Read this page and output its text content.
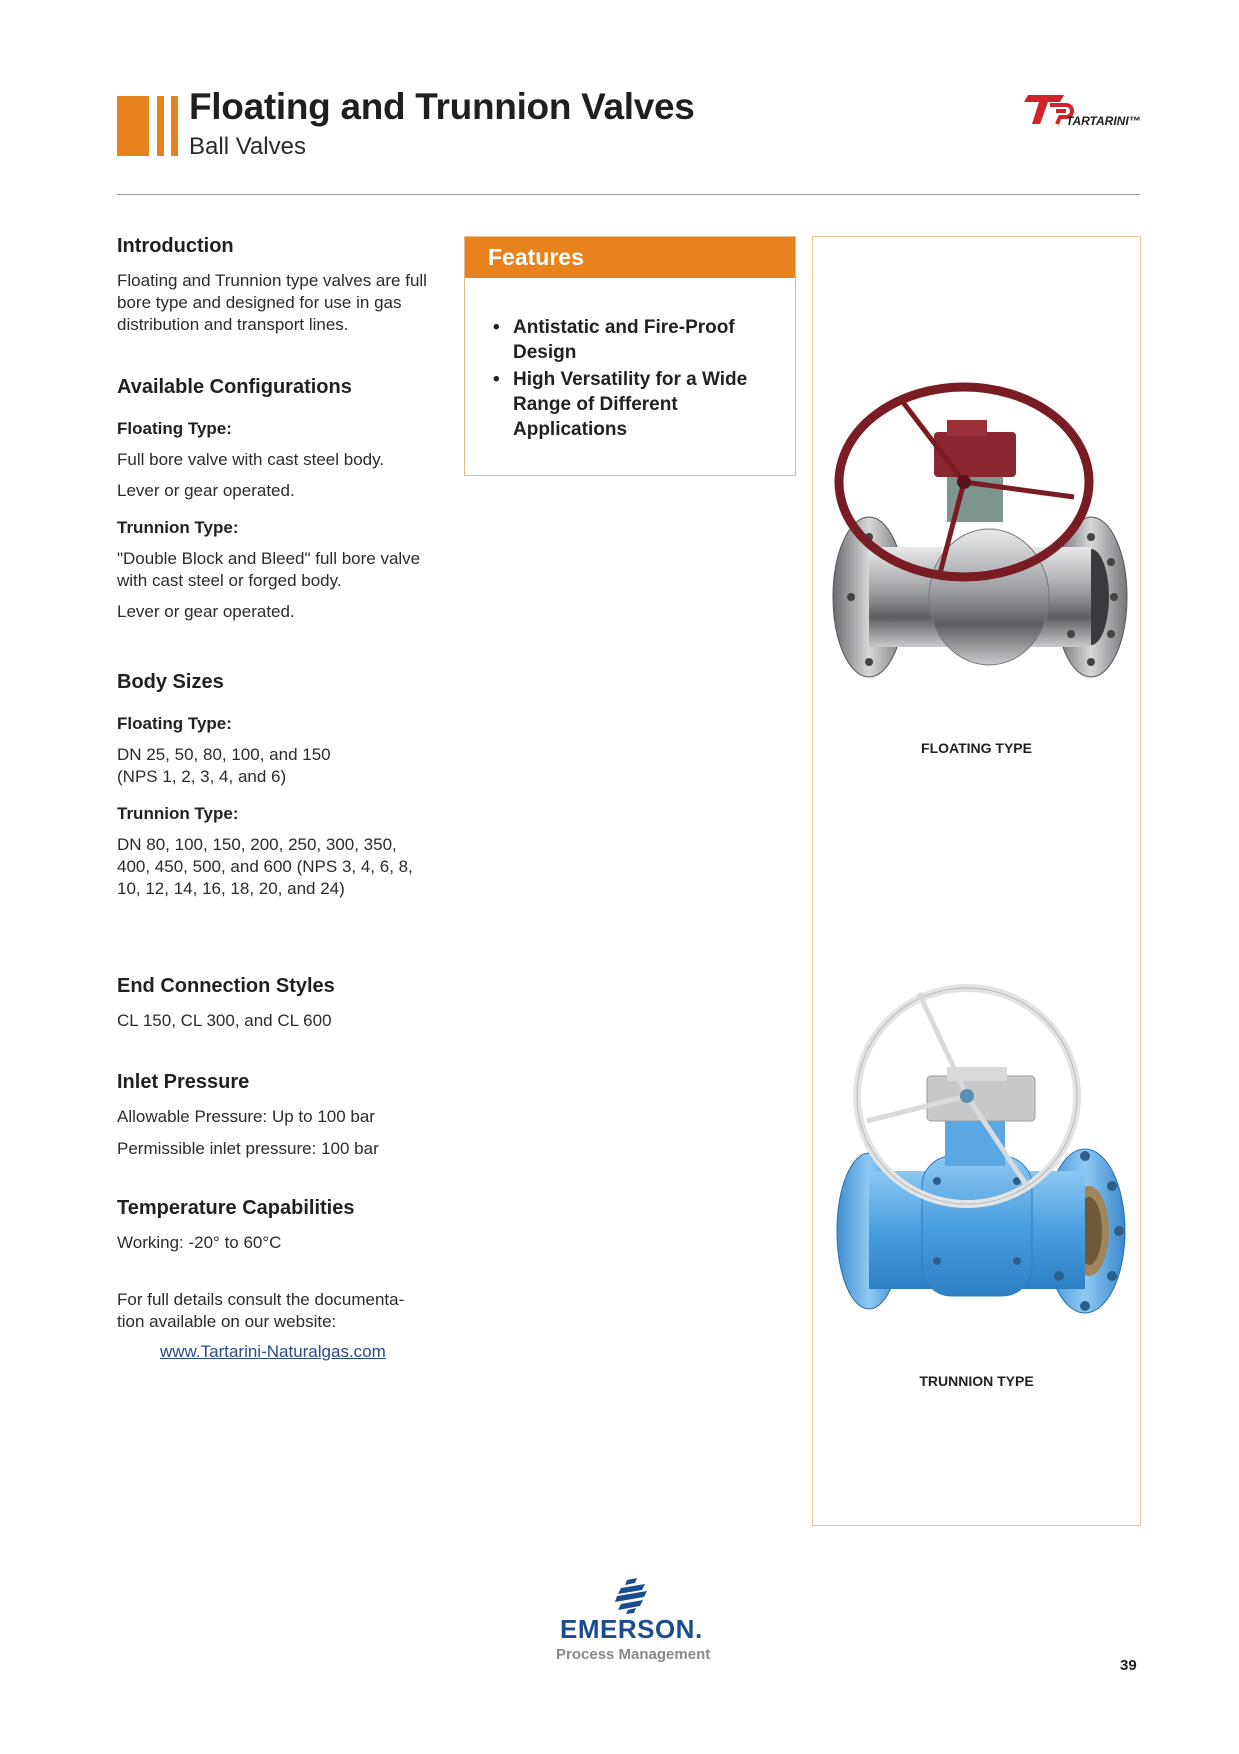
Floating and Trunnion Valves
Ball Valves
TARTARINI™
Introduction
Floating and Trunnion type valves are full bore type and designed for use in gas distribution and transport lines.
Available Configurations
Floating Type:
Full bore valve with cast steel body.
Lever or gear operated.
Trunnion Type:
"Double Block and Bleed" full bore valve with cast steel or forged body.
Lever or gear operated.
Body Sizes
Floating Type:
DN 25, 50, 80, 100, and 150 (NPS 1, 2, 3, 4, and 6)
Trunnion Type:
DN 80, 100, 150, 200, 250, 300, 350, 400, 450, 500, and 600 (NPS 3, 4, 6, 8, 10, 12, 14, 16, 18, 20, and 24)
End Connection Styles
CL 150, CL 300, and CL 600
Inlet Pressure
Allowable Pressure: Up to 100 bar
Permissible inlet pressure: 100 bar
Temperature Capabilities
Working: -20° to 60°C
For full details consult the documenta-
tion available on our website:
www.Tartarini-Naturalgas.com
Features
• Antistatic and Fire-Proof Design
• High Versatility for a Wide Range of Different Applications
FLOATING TYPE
TRUNNION TYPE
EMERSON.
Process Management
39
